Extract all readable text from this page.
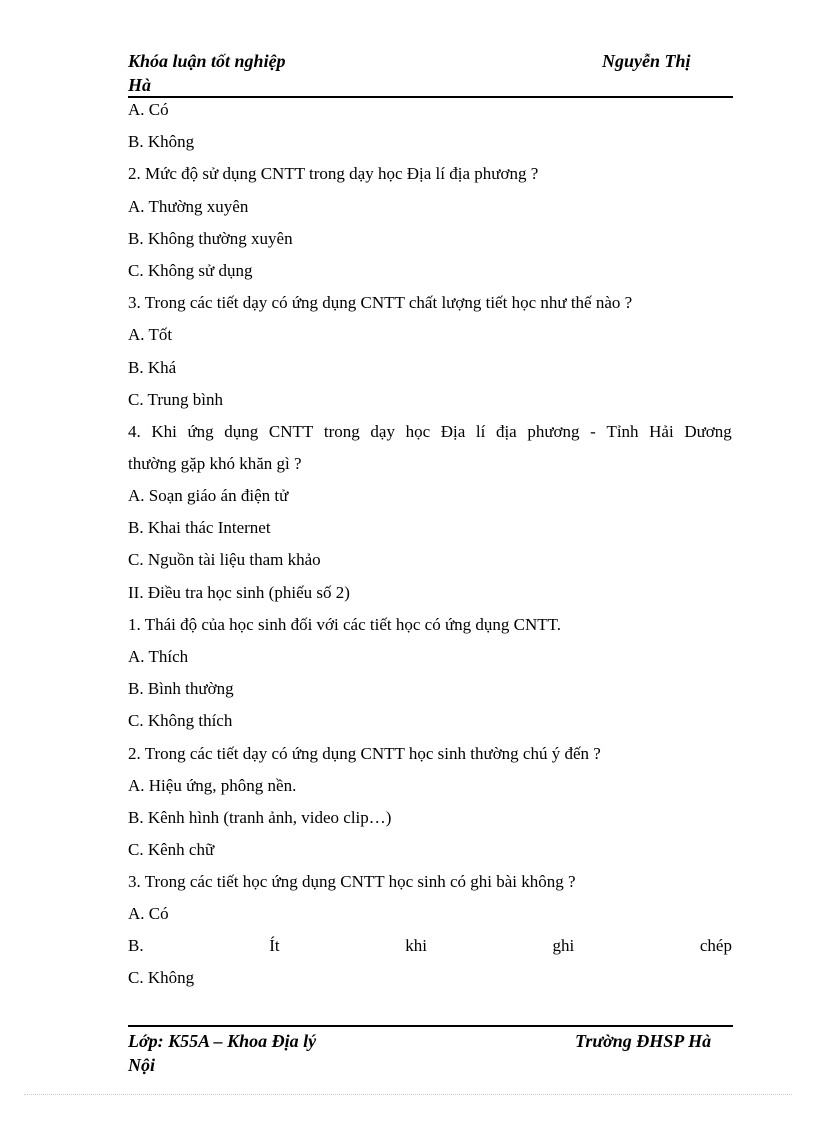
Khóa luận tốt nghiệp	Nguyễn Thị
Hà
A. Có
B. Không
2. Mức độ sử dụng CNTT trong dạy học Địa lí địa phương ?
A. Thường xuyên
B. Không thường xuyên
C. Không sử dụng
3. Trong các tiết dạy có ứng dụng CNTT chất lượng tiết học như thế nào ?
A. Tốt
B. Khá
C. Trung bình
4. Khi ứng dụng CNTT trong dạy học Địa lí địa phương - Tỉnh Hải Dương
thường gặp khó khăn gì ?
A. Soạn giáo án điện tử
B. Khai thác Internet
C. Nguồn tài liệu tham khảo
II. Điều tra học sinh (phiếu số 2)
1. Thái độ của học sinh đối với các tiết học có ứng dụng CNTT.
A. Thích
B. Bình thường
C. Không thích
2. Trong các tiết dạy có ứng dụng CNTT học sinh thường chú ý đến ?
A. Hiệu ứng, phông nền.
B. Kênh hình (tranh ảnh, video clip…)
C. Kênh chữ
3. Trong các tiết học ứng dụng CNTT học sinh có ghi bài không ?
A. Có
B.	Ít	khi	ghi	chép
C. Không
Lớp: K55A – Khoa Địa lý	Trường ĐHSP Hà
Nội
